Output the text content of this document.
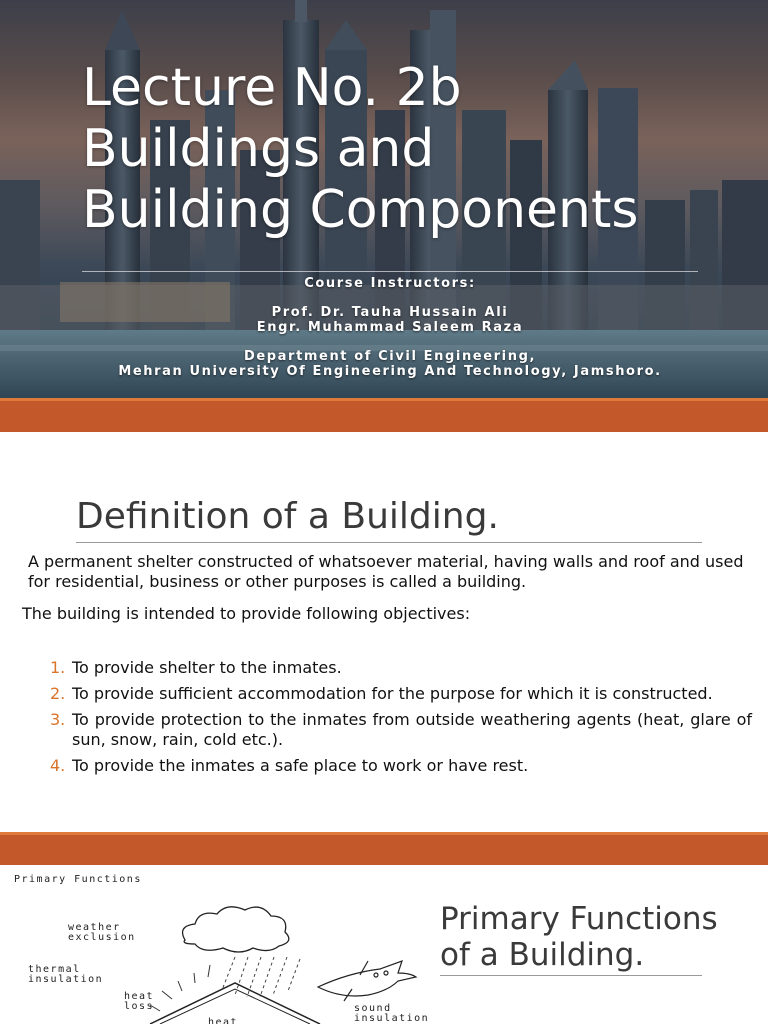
Lecture No. 2b
Buildings and
Building Components
Course Instructors:
Prof. Dr. Tauha Hussain Ali
Engr. Muhammad Saleem Raza
Department of Civil Engineering,
Mehran University Of Engineering And Technology, Jamshoro.
Definition of a Building.

A permanent shelter constructed of whatsoever material, having walls and roof and used for residential, business or other purposes is called a building.

The building is intended to provide following objectives:

1. To provide shelter to the inmates.
2. To provide sufficient accommodation for the purpose for which it is constructed.
3. To provide protection to the inmates from outside weathering agents (heat, glare of sun, snow, rain, cold etc.).
4. To provide the inmates a safe place to work or have rest.
Primary Functions
weather
exclusion
thermal
insulation
heat
loss
heat
sound
insulation
Primary Functions
of a Building.
